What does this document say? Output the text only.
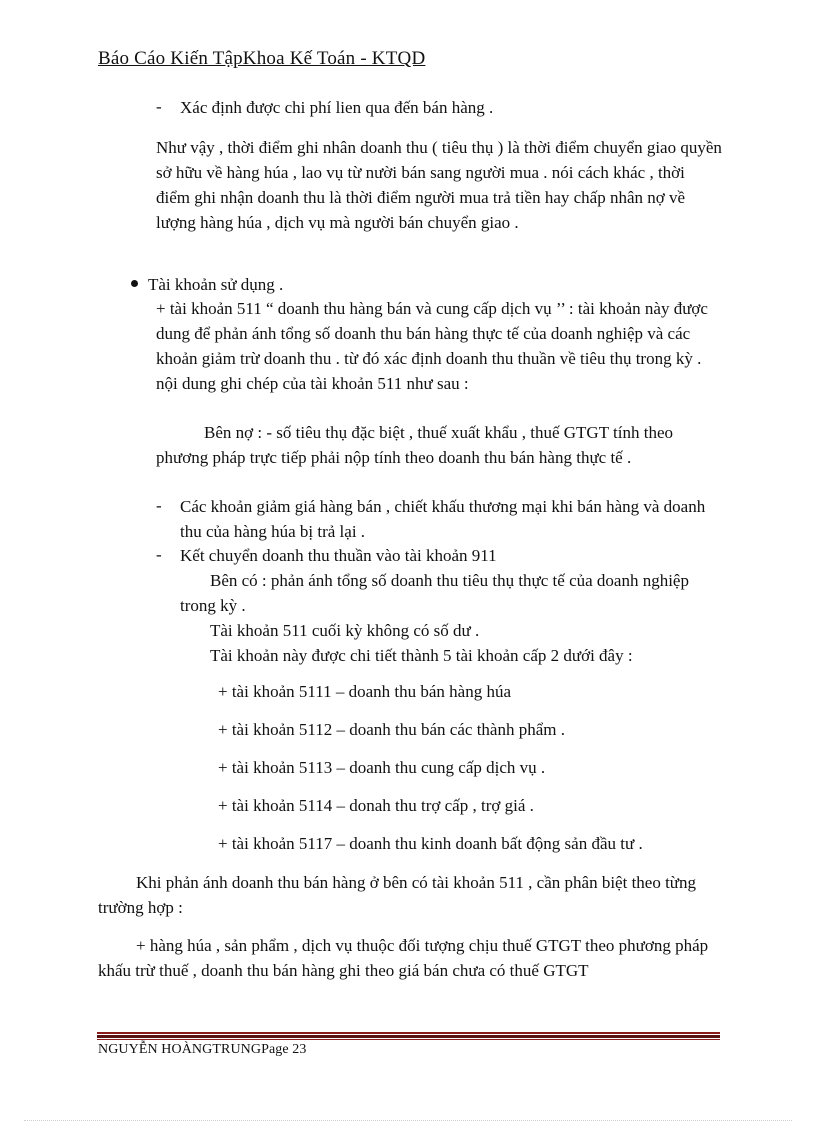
Báo Cáo Kiến TậpKhoa Kế Toán - KTQD
- Xác định được chi phí lien qua đến bán hàng .

Như vậy , thời điểm ghi nhân doanh thu ( tiêu thụ ) là thời điểm chuyển giao quyền sở hữu về hàng húa , lao vụ từ nười bán sang người mua . nói cách khác , thời điểm ghi nhận doanh thu là thời điểm người mua trả tiền hay chấp nhân nợ về lượng hàng húa , dịch vụ mà người bán chuyển giao .

Tài khoản sử dụng .

+ tài khoản 511 “ doanh thu hàng bán và cung cấp dịch vụ ’’ : tài khoản này được dung để phản ánh tổng số doanh thu bán hàng thực tế của doanh nghiệp và các khoản giảm trừ doanh thu . từ đó xác định doanh thu thuần về tiêu thụ trong kỳ . nội dung ghi chép của tài khoản 511 như sau :

Bên nợ : - số tiêu thụ đặc biệt , thuế xuất khẩu , thuế GTGT tính theo phương pháp trực tiếp phải nộp tính theo doanh thu bán hàng thực tế .

- Các khoản giảm giá hàng bán , chiết khấu thương mại khi bán hàng và doanh thu của hàng húa bị trả lại .

- Kết chuyển doanh thu thuần vào tài khoản 911

Bên có : phản ánh tổng số doanh thu tiêu thụ thực tế của doanh nghiệp trong kỳ .

Tài khoản 511 cuối kỳ không có số dư .

Tài khoản này được chi tiết thành 5 tài khoản cấp 2 dưới đây :

+ tài khoản 5111 – doanh thu bán hàng húa

+ tài khoản 5112 – doanh thu bán các thành phẩm .

+ tài khoản 5113 – doanh thu cung cấp dịch vụ .

+ tài khoản 5114 – donah thu trợ cấp , trợ giá .

+ tài khoản 5117 – doanh thu kinh doanh bất động sản đầu tư .

Khi phản ánh doanh thu bán hàng ở bên có tài khoản 511 , cần phân biệt theo từng trường hợp :

+ hàng húa , sản phẩm , dịch vụ thuộc đối tượng chịu thuế GTGT theo phương pháp khấu trừ thuế , doanh thu bán hàng ghi theo giá bán chưa có thuế GTGT

NGUYỄN HOÀNGTRUNGPage 23
